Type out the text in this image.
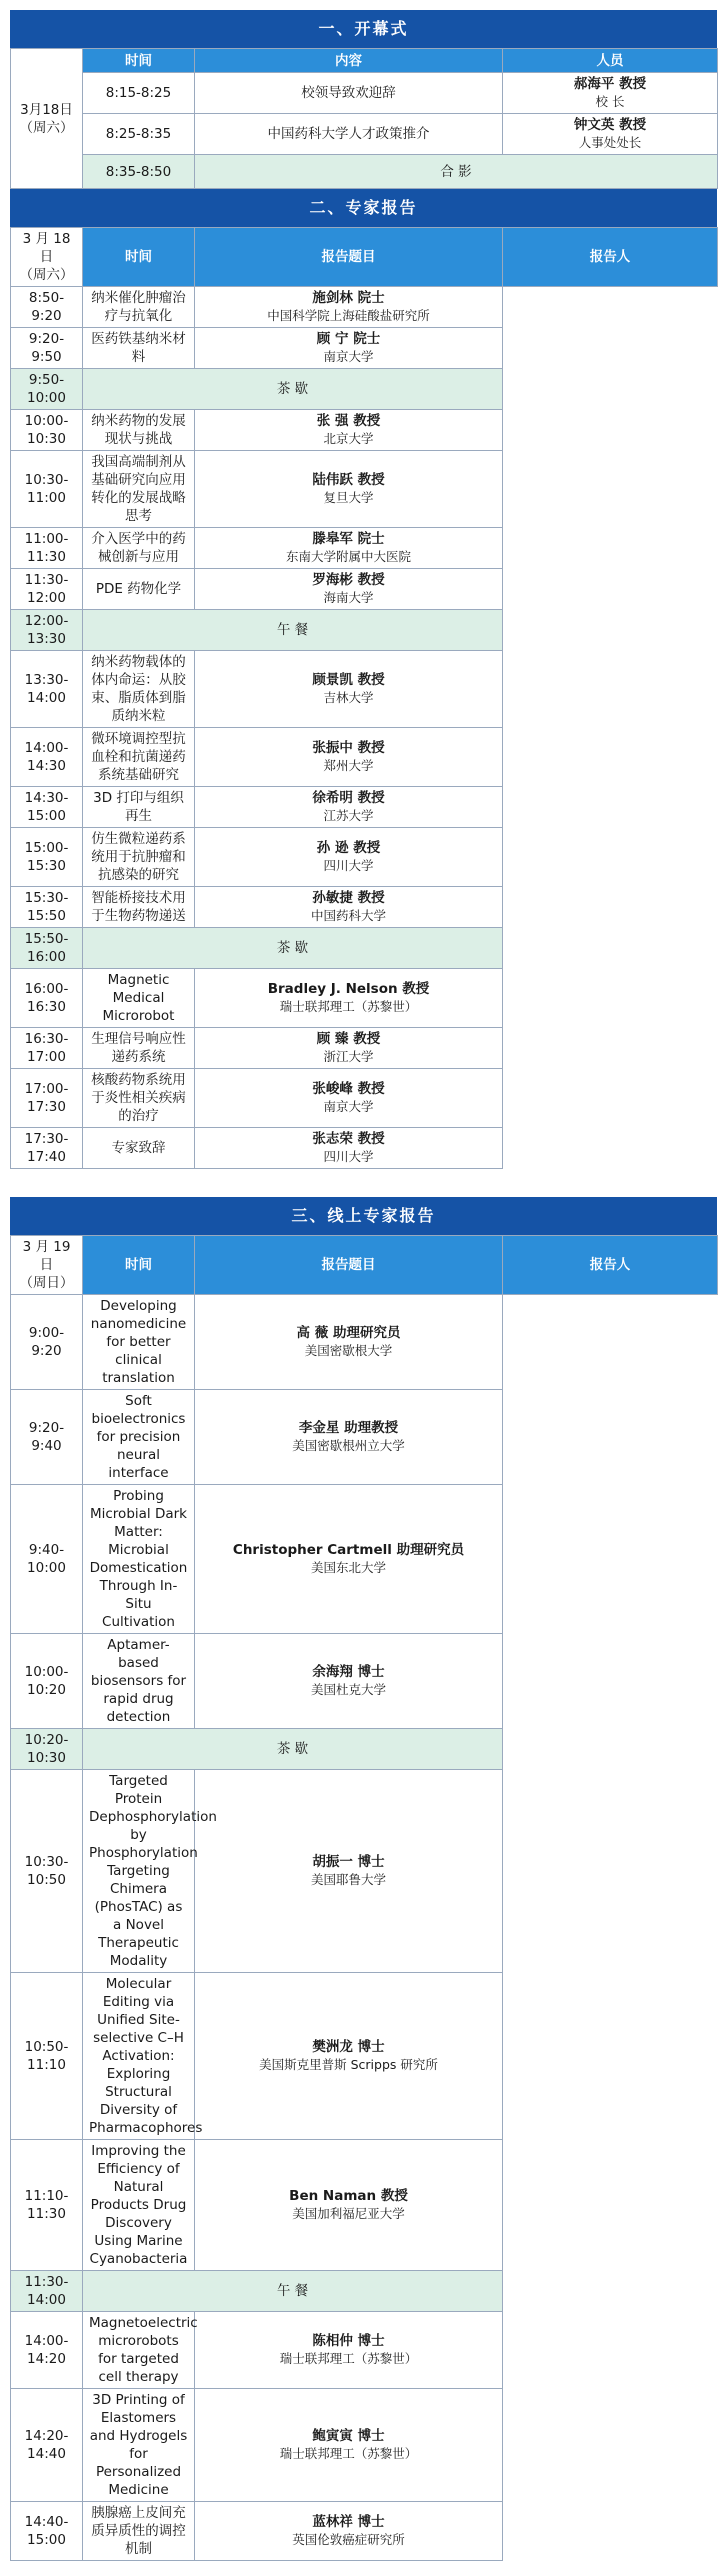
一、开幕式
3月18日
（周六）	时间	内容	人员
	8:15-8:25	校领导致欢迎辞	郝海平 教授
校 长

	8:25-8:35	中国药科大学人才政策推介	钟文英 教授
人事处处长

	8:35-8:50	合 影	
二、专家报告
3 月 18 日
（周六）	时间	报告题目	报告人
8:50-9:20	纳米催化肿瘤治疗与抗氧化	施剑林 院士
中国科学院上海硅酸盐研究所	

9:20-9:50	医药铁基纳米材料	顾 宁 院士
南京大学	

9:50-10:00	茶 歇		
10:00-10:30	纳米药物的发展现状与挑战	张 强 教授
北京大学	

10:30-11:00	我国高端制剂从基础研究向应用转化的发展战略思考	陆伟跃 教授
复旦大学	

11:00-11:30	介入医学中的药械创新与应用	滕皋军 院士
东南大学附属中大医院	

11:30-12:00	PDE 药物化学	罗海彬 教授
海南大学	

12:00-13:30	午 餐		
13:30-14:00	纳米药物载体的体内命运：从胶束、脂质体到脂质纳米粒	顾景凯 教授
吉林大学	

14:00-14:30	微环境调控型抗血栓和抗菌递药系统基础研究	张振中 教授
郑州大学	

14:30-15:00	3D 打印与组织再生	徐希明 教授
江苏大学	

15:00-15:30	仿生微粒递药系统用于抗肿瘤和抗感染的研究	孙 逊 教授
四川大学	

15:30-15:50	智能桥接技术用于生物药物递送	孙敏捷 教授
中国药科大学	

15:50-16:00	茶 歇		
16:00-16:30	Magnetic Medical Microrobot	Bradley J. Nelson 教授
瑞士联邦理工（苏黎世）	

16:30-17:00	生理信号响应性递药系统	顾 臻 教授
浙江大学	

17:00-17:30	核酸药物系统用于炎性相关疾病的治疗	张峻峰 教授
南京大学	

17:30-17:40	专家致辞	张志荣 教授
四川大学	
三、线上专家报告
3 月 19 日
（周日）	时间	报告题目	报告人
9:00-9:20	Developing nanomedicine for better clinical translation	高 薇 助理研究员
美国密歇根大学	

9:20-9:40	Soft bioelectronics for precision neural interface	李金星 助理教授
美国密歇根州立大学	

9:40-10:00	Probing Microbial Dark Matter: Microbial Domestication Through In-Situ Cultivation	Christopher Cartmell 助理研究员
美国东北大学	

10:00-10:20	Aptamer-based biosensors for rapid drug detection	余海翔 博士
美国杜克大学	

10:20-10:30	茶 歇		
10:30-10:50	Targeted Protein Dephosphorylation by Phosphorylation Targeting Chimera (PhosTAC) as a Novel Therapeutic Modality	胡振一 博士
美国耶鲁大学	

10:50-11:10	Molecular Editing via Unified Site-selective C–H Activation: Exploring Structural Diversity of Pharmacophores	樊洲龙 博士
美国斯克里普斯 Scripps 研究所	

11:10-11:30	Improving the Efficiency of Natural Products Drug Discovery Using Marine Cyanobacteria	Ben Naman 教授
美国加利福尼亚大学	

11:30-14:00	午 餐		
14:00-14:20	Magnetoelectric microrobots for targeted cell therapy	陈相仲 博士
瑞士联邦理工（苏黎世）	

14:20-14:40	3D Printing of Elastomers and Hydrogels for Personalized Medicine	鲍寅寅 博士
瑞士联邦理工（苏黎世）	

14:40-15:00	胰腺癌上皮间充质异质性的调控机制	蓝林祥 博士
英国伦敦癌症研究所	
